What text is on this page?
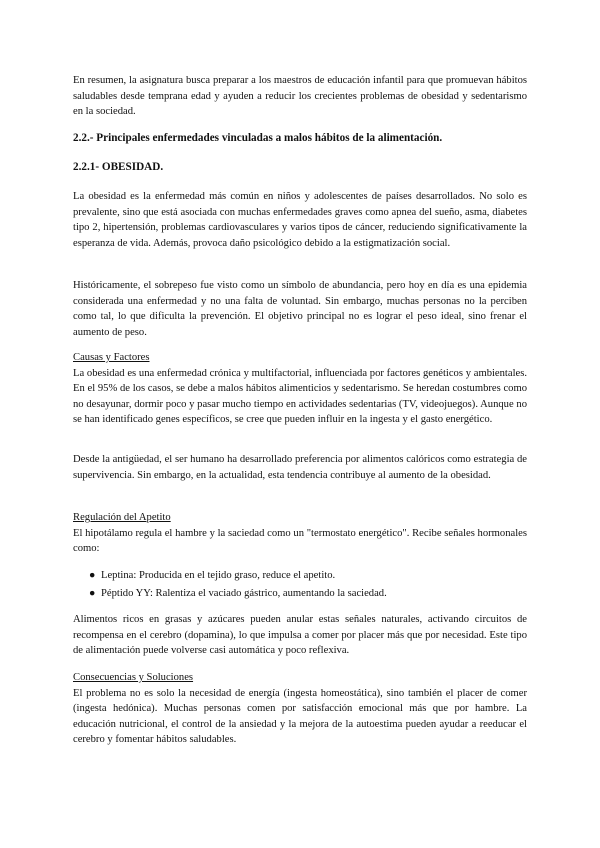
En resumen, la asignatura busca preparar a los maestros de educación infantil para que promuevan hábitos saludables desde temprana edad y ayuden a reducir los crecientes problemas de obesidad y sedentarismo en la sociedad.

2.2.- Principales enfermedades vinculadas a malos hábitos de la alimentación.

2.2.1- OBESIDAD.

La obesidad es la enfermedad más común en niños y adolescentes de países desarrollados. No solo es prevalente, sino que está asociada con muchas enfermedades graves como apnea del sueño, asma, diabetes tipo 2, hipertensión, problemas cardiovasculares y varios tipos de cáncer, reduciendo significativamente la esperanza de vida. Además, provoca daño psicológico debido a la estigmatización social.

Históricamente, el sobrepeso fue visto como un símbolo de abundancia, pero hoy en día es una epidemia considerada una enfermedad y no una falta de voluntad. Sin embargo, muchas personas no la perciben como tal, lo que dificulta la prevención. El objetivo principal no es lograr el peso ideal, sino frenar el aumento de peso.

Causas y Factores

La obesidad es una enfermedad crónica y multifactorial, influenciada por factores genéticos y ambientales. En el 95% de los casos, se debe a malos hábitos alimenticios y sedentarismo. Se heredan costumbres como no desayunar, dormir poco y pasar mucho tiempo en actividades sedentarias (TV, videojuegos). Aunque no se han identificado genes específicos, se cree que pueden influir en la ingesta y el gasto energético.

Desde la antigüedad, el ser humano ha desarrollado preferencia por alimentos calóricos como estrategia de supervivencia. Sin embargo, en la actualidad, esta tendencia contribuye al aumento de la obesidad.

Regulación del Apetito

El hipotálamo regula el hambre y la saciedad como un "termostato energético". Recibe señales hormonales como:

● Leptina: Producida en el tejido graso, reduce el apetito.
● Péptido YY: Ralentiza el vaciado gástrico, aumentando la saciedad.

Alimentos ricos en grasas y azúcares pueden anular estas señales naturales, activando circuitos de recompensa en el cerebro (dopamina), lo que impulsa a comer por placer más que por necesidad. Este tipo de alimentación puede volverse casi automática y poco reflexiva.

Consecuencias y Soluciones

El problema no es solo la necesidad de energía (ingesta homeostática), sino también el placer de comer (ingesta hedónica). Muchas personas comen por satisfacción emocional más que por hambre. La educación nutricional, el control de la ansiedad y la mejora de la autoestima pueden ayudar a reeducar el cerebro y fomentar hábitos saludables.
